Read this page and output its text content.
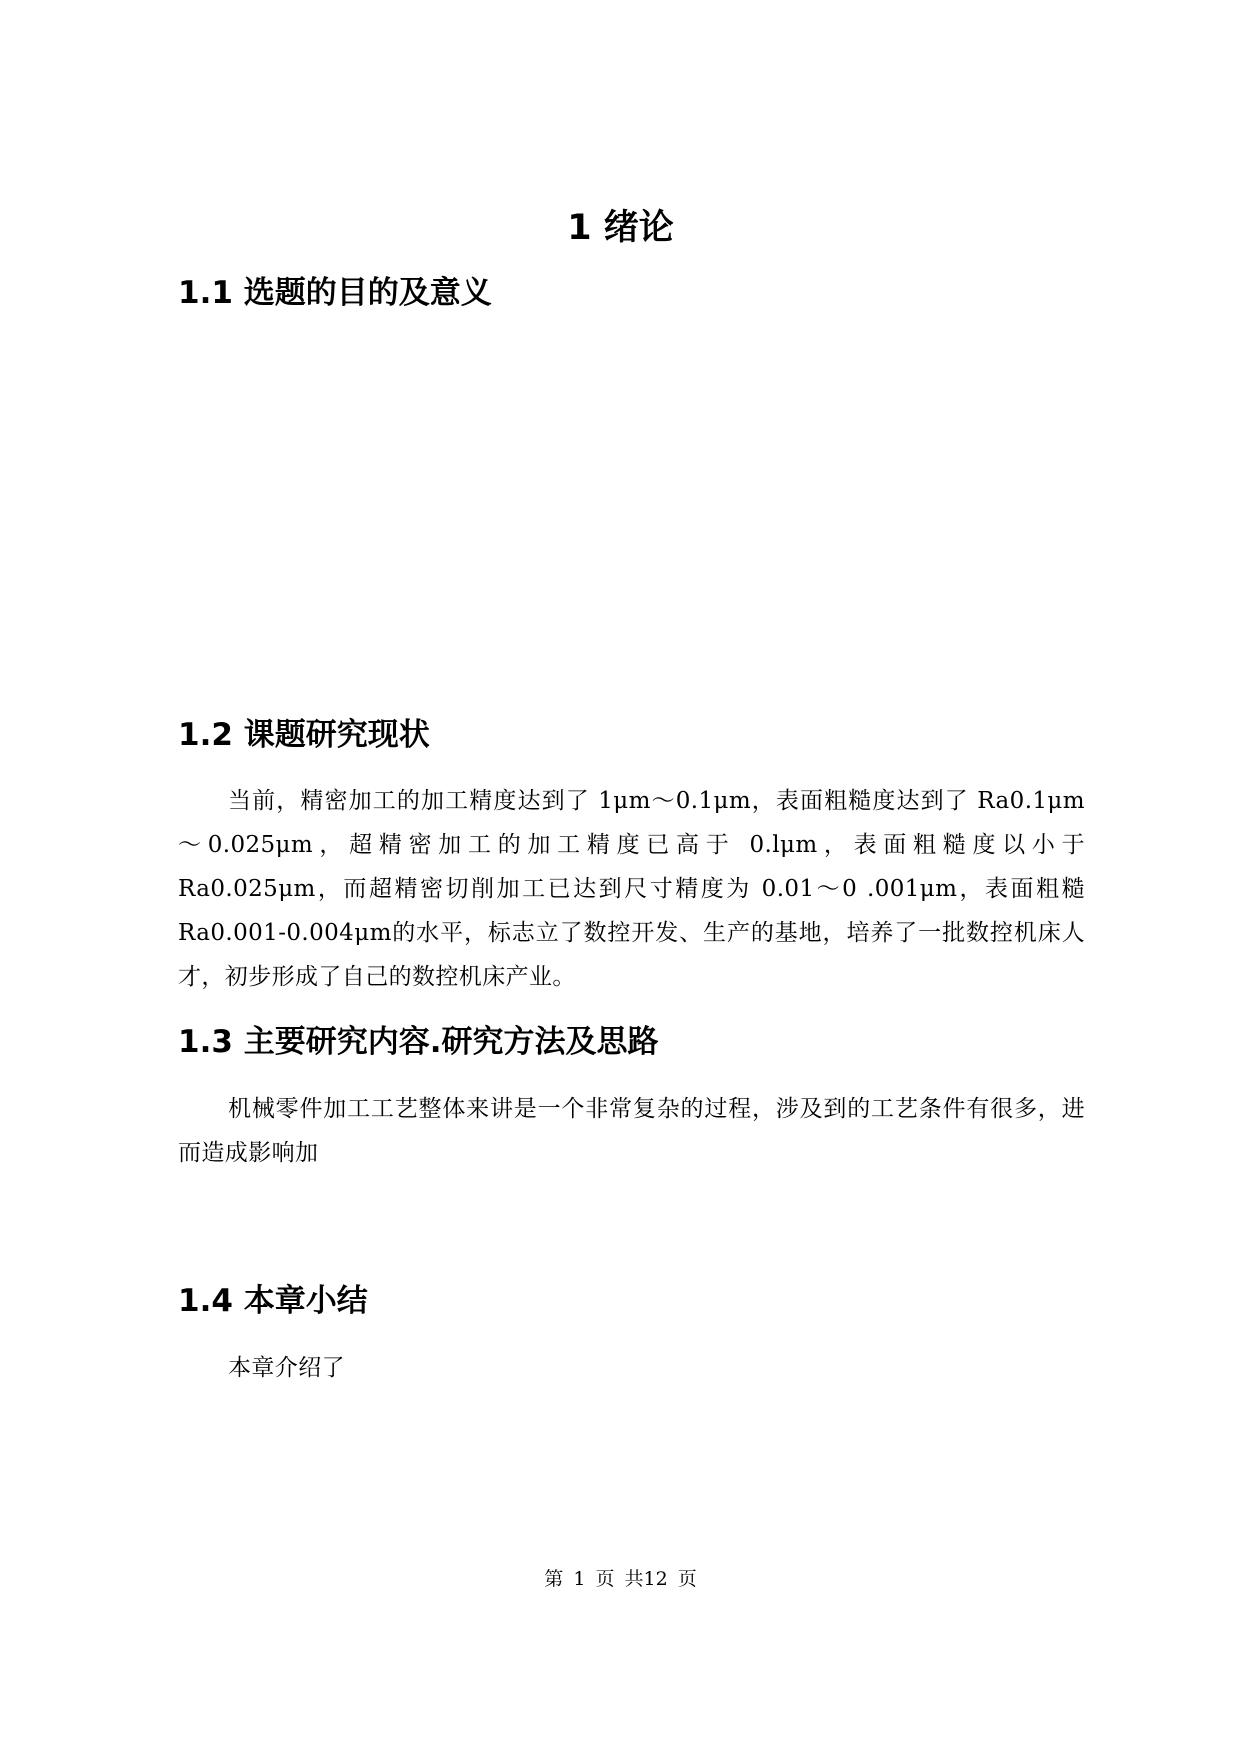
1 绪论
1.1 选题的目的及意义
1.2 课题研究现状

当前，精密加工的加工精度达到了 1μm～0.1μm，表面粗糙度达到了 Ra0.1μm～0.025μm，超精密加工的加工精度已高于 0.lμm，表面粗糙度以小于 Ra0.025μm，而超精密切削加工已达到尺寸精度为 0.01～0 .001μm，表面粗糙 Ra0.001-0.004μm的水平，标志立了数控开发、生产的基地，培养了一批数控机床人才，初步形成了自己的数控机床产业。

1.3 主要研究内容.研究方法及思路

机械零件加工工艺整体来讲是一个非常复杂的过程，涉及到的工艺条件有很多，进而造成影响加

1.4 本章小结

本章介绍了

第 1 页 共12 页
